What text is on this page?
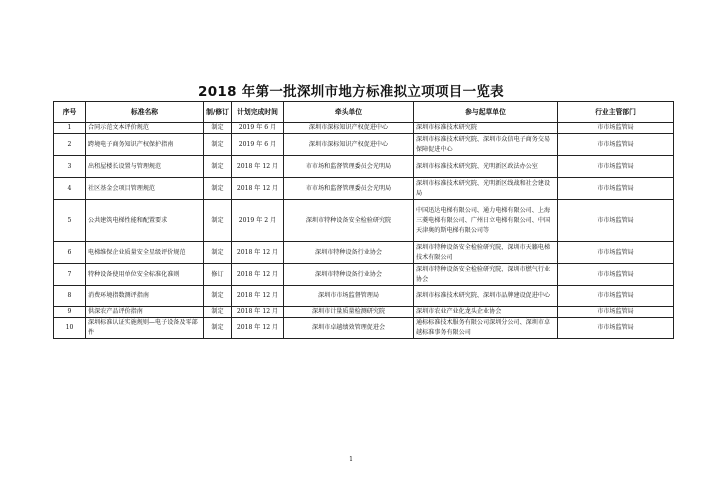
2018 年第一批深圳市地方标准拟立项项目一览表
序号	标准名称	制/修订	计划完成时间	牵头单位	参与起草单位	行业主管部门
1	合同示范文本评价规范	制定	2019 年 6 月	深圳市深标知识产权促进中心	深圳市标准技术研究院	市市场监管局
2	跨境电子商务知识产权保护指南	制定	2019 年 6 月	深圳市深标知识产权促进中心	深圳市标准技术研究院、深圳市众信电子商务交易保障促进中心	市市场监管局
3	出租屋楼长设置与管理规范	制定	2018 年 12 月	市市场和监督管理委员会光明局	深圳市标准技术研究院、光明新区政法办公室	市市场监管局
4	社区基金会项目管理规范	制定	2018 年 12 月	市市场和监督管理委员会光明局	深圳市标准技术研究院、光明新区线战和社会建设局	市市场监管局
5	公共建筑电梯性能和配置要求	制定	2019 年 2 月	深圳市特种设备安全检验研究院	中国迅达电梯有限公司、通力电梯有限公司、上海三菱电梯有限公司、广州日立电梯有限公司、中国天津奥的斯电梯有限公司等	市市场监管局
6	电梯维保企业质量安全星级评价规范	制定	2018 年 12 月	深圳市特种设备行业协会	深圳市特种设备安全检验研究院、深圳市天籁电梯技术有限公司	市市场监管局
7	特种设备使用单位安全标准化准则	修订	2018 年 12 月	深圳市特种设备行业协会	深圳市特种设备安全检验研究院、深圳市燃气行业协会	市市场监管局
8	消费环境指数测评指南	制定	2018 年 12 月	深圳市市场监督管理局	深圳市标准技术研究院、深圳市品牌建设促进中心	市市场监管局
9	供深农产品评价指南	制定	2018 年 12 月	深圳市计量质量检测研究院	深圳市农业产业化龙头企业协会	市市场监管局
10	深圳标准认证实施规则—电子设备及零部件	制定	2018 年 12 月	深圳市卓越绩效管理促进会	通标标准技术服务有限公司深圳分公司、深圳市卓越标准事务有限公司	市市场监管局
1
